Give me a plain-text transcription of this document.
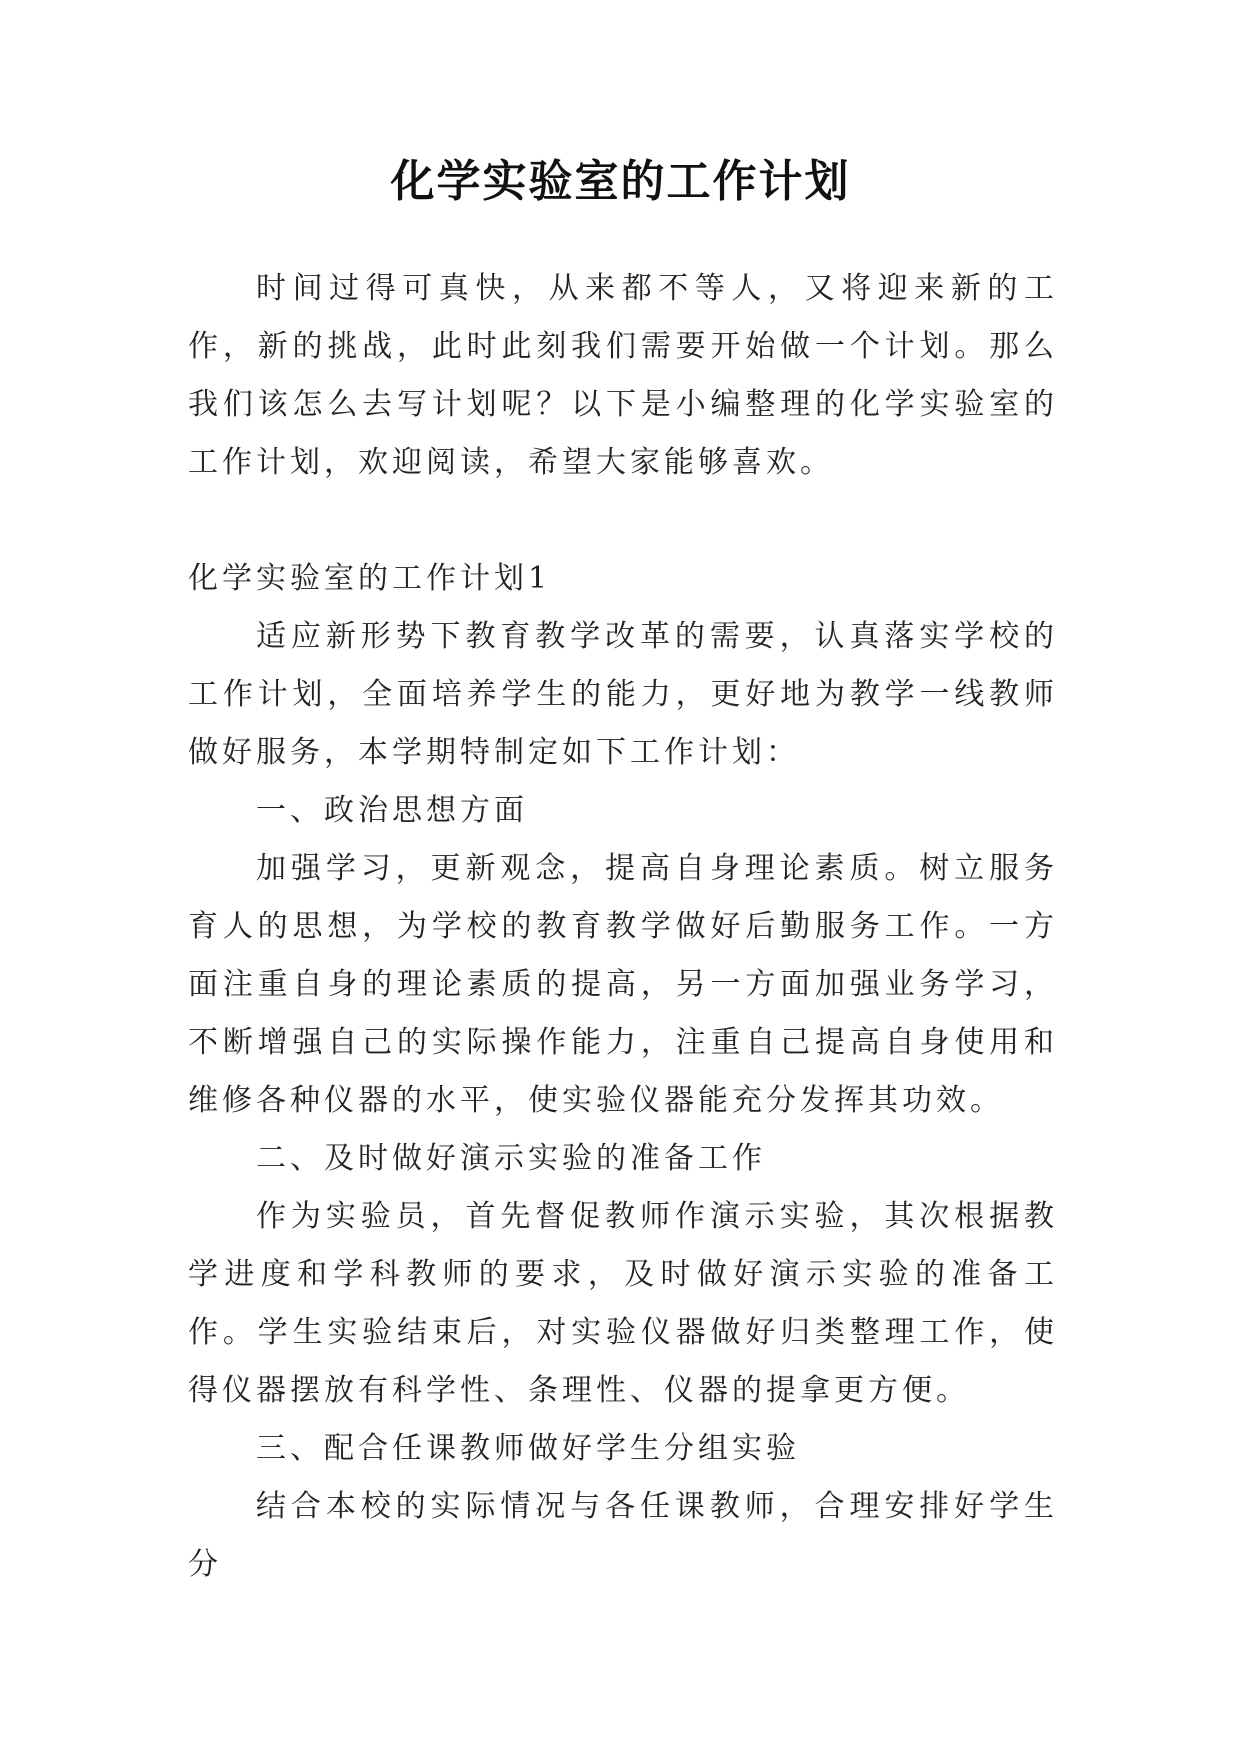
化学实验室的工作计划

时间过得可真快，从来都不等人，又将迎来新的工作，新的挑战，此时此刻我们需要开始做一个计划。那么我们该怎么去写计划呢？以下是小编整理的化学实验室的工作计划，欢迎阅读，希望大家能够喜欢。

化学实验室的工作计划1

适应新形势下教育教学改革的需要，认真落实学校的工作计划，全面培养学生的能力，更好地为教学一线教师做好服务，本学期特制定如下工作计划：

一、政治思想方面

加强学习，更新观念，提高自身理论素质。树立服务育人的思想，为学校的教育教学做好后勤服务工作。一方面注重自身的理论素质的提高，另一方面加强业务学习，不断增强自己的实际操作能力，注重自己提高自身使用和维修各种仪器的水平，使实验仪器能充分发挥其功效。

二、及时做好演示实验的准备工作

作为实验员，首先督促教师作演示实验，其次根据教学进度和学科教师的要求，及时做好演示实验的准备工作。学生实验结束后，对实验仪器做好归类整理工作，使得仪器摆放有科学性、条理性、仪器的提拿更方便。

三、配合任课教师做好学生分组实验

结合本校的实际情况与各任课教师，合理安排好学生分
